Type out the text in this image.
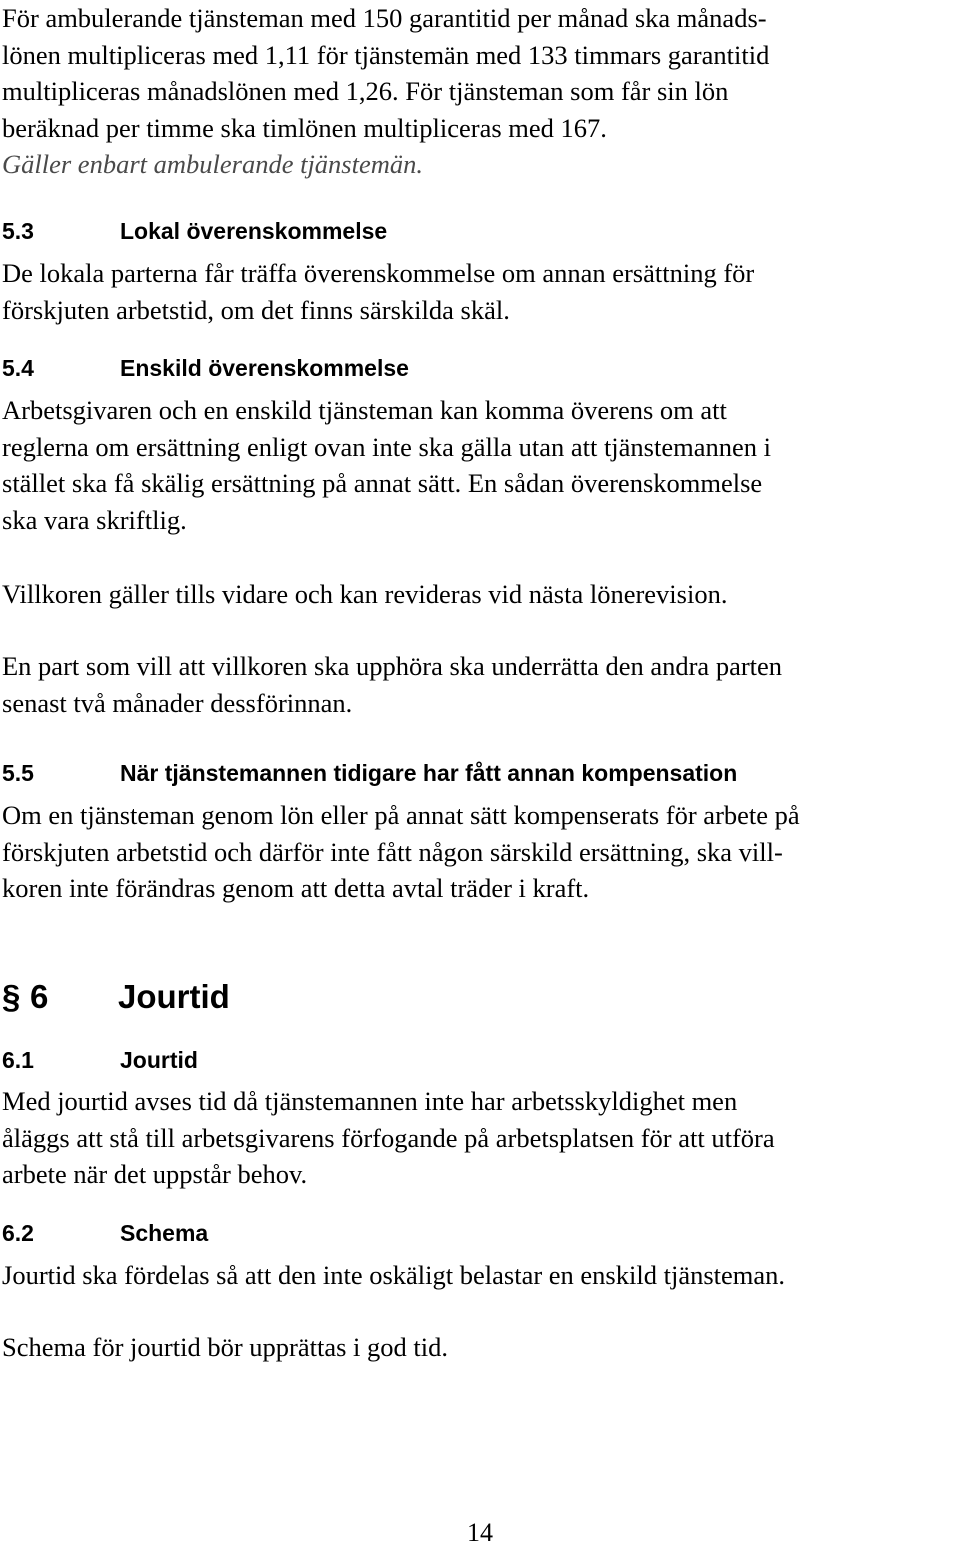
För ambulerande tjänsteman med 150 garantitid per månad ska månads-
lönen multipliceras med 1,11 för tjänstemän med 133 timmars garantitid
multipliceras månadslönen med 1,26. För tjänsteman som får sin lön
beräknad per timme ska timlönen multipliceras med 167.
Gäller enbart ambulerande tjänstemän.

5.3	Lokal överenskommelse

De lokala parterna får träffa överenskommelse om annan ersättning för
förskjuten arbetstid, om det finns särskilda skäl.

5.4	Enskild överenskommelse

Arbetsgivaren och en enskild tjänsteman kan komma överens om att
reglerna om ersättning enligt ovan inte ska gälla utan att tjänstemannen i
stället ska få skälig ersättning på annat sätt. En sådan överenskommelse
ska vara skriftlig.

Villkoren gäller tills vidare och kan revideras vid nästa lönerevision.

En part som vill att villkoren ska upphöra ska underrätta den andra parten
senast två månader dessförinnan.

5.5	När tjänstemannen tidigare har fått annan kompensation

Om en tjänsteman genom lön eller på annat sätt kompenserats för arbete på
förskjuten arbetstid och därför inte fått någon särskild ersättning, ska vill-
koren inte förändras genom att detta avtal träder i kraft.

§ 6 Jourtid
6.1	Jourtid

Med jourtid avses tid då tjänstemannen inte har arbetsskyldighet men
åläggs att stå till arbetsgivarens förfogande på arbetsplatsen för att utföra
arbete när det uppstår behov.

6.2	Schema

Jourtid ska fördelas så att den inte oskäligt belastar en enskild tjänsteman.

Schema för jourtid bör upprättas i god tid.

14
